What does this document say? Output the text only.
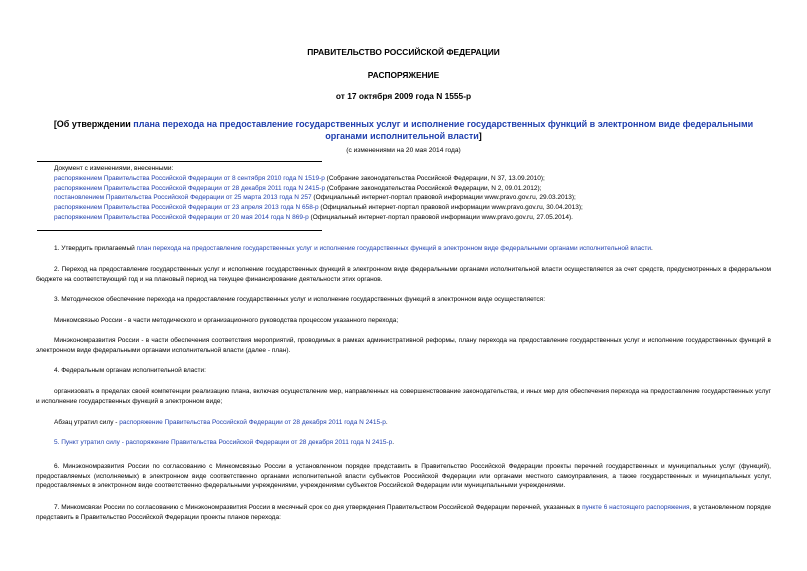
ПРАВИТЕЛЬСТВО РОССИЙСКОЙ ФЕДЕРАЦИИ
РАСПОРЯЖЕНИЕ
от 17 октября 2009 года N 1555-р
[Об утверждении плана перехода на предоставление государственных услуг и исполнение государственных функций в электронном виде федеральными органами исполнительной власти]
(с изменениями на 20 мая 2014 года)
Документ с изменениями, внесенными:
распоряжением Правительства Российской Федерации от 8 сентября 2010 года N 1519-р (Собрание законодательства Российской Федерации, N 37, 13.09.2010);
распоряжением Правительства Российской Федерации от 28 декабря 2011 года N 2415-р (Собрание законодательства Российской Федерации, N 2, 09.01.2012);
постановлением Правительства Российской Федерации от 25 марта 2013 года N 257 (Официальный интернет-портал правовой информации www.pravo.gov.ru, 29.03.2013);
распоряжением Правительства Российской Федерации от 23 апреля 2013 года N 658-р (Официальный интернет-портал правовой информации www.pravo.gov.ru, 30.04.2013);
распоряжением Правительства Российской Федерации от 20 мая 2014 года N 869-р (Официальный интернет-портал правовой информации www.pravo.gov.ru, 27.05.2014).
1. Утвердить прилагаемый план перехода на предоставление государственных услуг и исполнение государственных функций в электронном виде федеральными органами исполнительной власти.
2. Переход на предоставление государственных услуг и исполнение государственных функций в электронном виде федеральными органами исполнительной власти осуществляется за счет средств, предусмотренных в федеральном бюджете на соответствующий год и на плановый период на текущее финансирование деятельности этих органов.
3. Методическое обеспечение перехода на предоставление государственных услуг и исполнение государственных функций в электронном виде осуществляется:
Минкомсвязью России - в части методического и организационного руководства процессом указанного перехода;
Минэкономразвития России - в части обеспечения соответствия мероприятий, проводимых в рамках административной реформы, плану перехода на предоставление государственных услуг и исполнение государственных функций в электронном виде федеральными органами исполнительной власти (далее - план).
4. Федеральным органам исполнительной власти:
организовать в пределах своей компетенции реализацию плана, включая осуществление мер, направленных на совершенствование законодательства, и иных мер для обеспечения перехода на предоставление государственных услуг и исполнение государственных функций в электронном виде;
Абзац утратил силу - распоряжение Правительства Российской Федерации от 28 декабря 2011 года N 2415-р.
5. Пункт утратил силу - распоряжение Правительства Российской Федерации от 28 декабря 2011 года N 2415-р.
6. Минэкономразвития России по согласованию с Минкомсвязью России в установленном порядке представить в Правительство Российской Федерации проекты перечней государственных и муниципальных услуг (функций), предоставляемых (исполняемых) в электронном виде соответственно органами исполнительной власти субъектов Российской Федерации или органами местного самоуправления, а также государственных и муниципальных услуг, предоставляемых в электронном виде соответственно федеральными учреждениями, учреждениями субъектов Российской Федерации или муниципальными учреждениями.
7. Минкомсвязи России по согласованию с Минэкономразвития России в месячный срок со дня утверждения Правительством Российской Федерации перечней, указанных в пункте 6 настоящего распоряжения, в установленном порядке представить в Правительство Российской Федерации проекты планов перехода:
